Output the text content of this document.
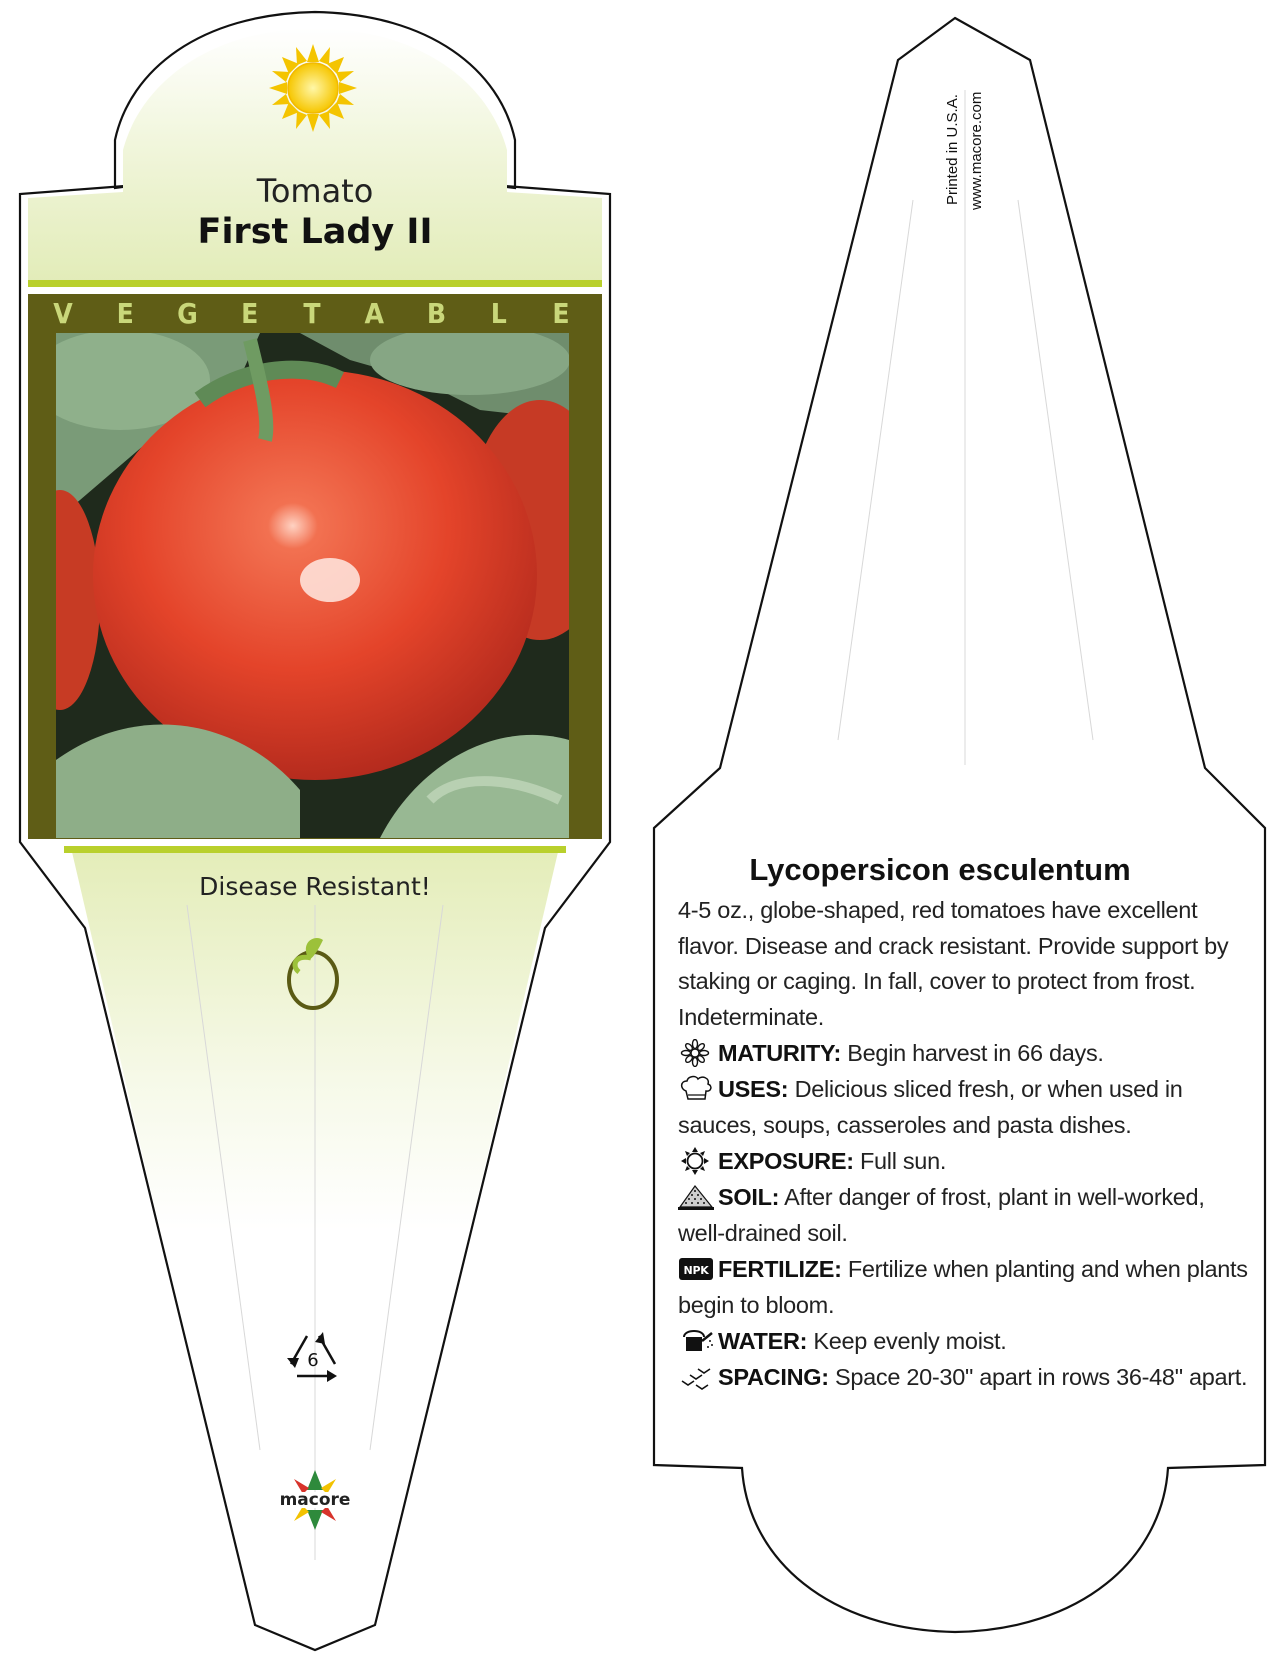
6
Tomato
First Lady II
V E G E	T	A B	L	E
Disease Resistant!
macore
Printed in U.S.A. www.macore.com
Lycopersicon esculentum
4-5 oz., globe-shaped, red tomatoes have excellent flavor. Disease and crack resistant. Provide support by staking or caging. In fall, cover to protect from frost. Indeterminate.
MATURITY: Begin harvest in 66 days.
USES: Delicious sliced fresh, or when used in sauces, soups, casseroles and pasta dishes.
EXPOSURE: Full sun.
SOIL: After danger of frost, plant in well-worked, well-drained soil.
NPK FERTILIZE: Fertilize when planting and when plants begin to bloom.
WATER: Keep evenly moist.
SPACING: Space 20-30" apart in rows 36-48" apart.
